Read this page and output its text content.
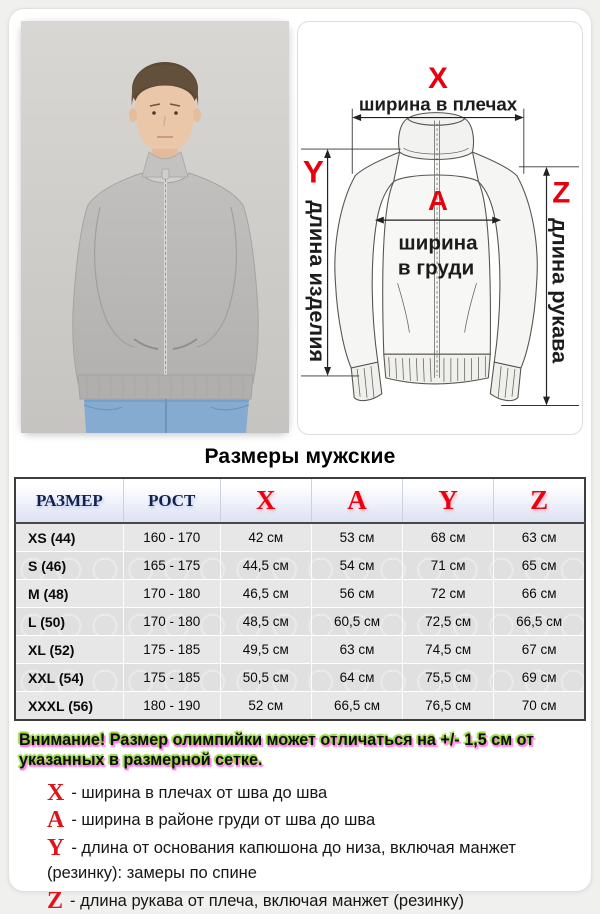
X
ширина в плечах
A
ширина
в груди
Y
длина изделия
Z
длина рукава
Размеры мужские
РАЗМЕР	РОСТ	X	A	Y	Z
XS (44)	160 - 170	42 см	53 см	68 см	63 см
S (46)	165 - 175	44,5 см	54 см	71 см	65 см
M (48)	170 - 180	46,5 см	56 см	72 см	66 см
L (50)	170 - 180	48,5 см	60,5 см	72,5 см	66,5 см
XL (52)	175 - 185	49,5 см	63 см	74,5 см	67 см
XXL (54)	175 - 185	50,5 см	64 см	75,5 см	69 см
XXXL (56)	180 - 190	52 см	66,5 см	76,5 см	70 см
Внимание! Размер олимпийки может отличаться на +/- 1,5 см от указанных в размерной сетке.
X - ширина в плечах от шва до шва
A - ширина в районе груди от шва до шва
Y - длина от основания капюшона до низа, включая манжет (резинку): замеры по спине
Z - длина рукава от плеча, включая манжет (резинку)
